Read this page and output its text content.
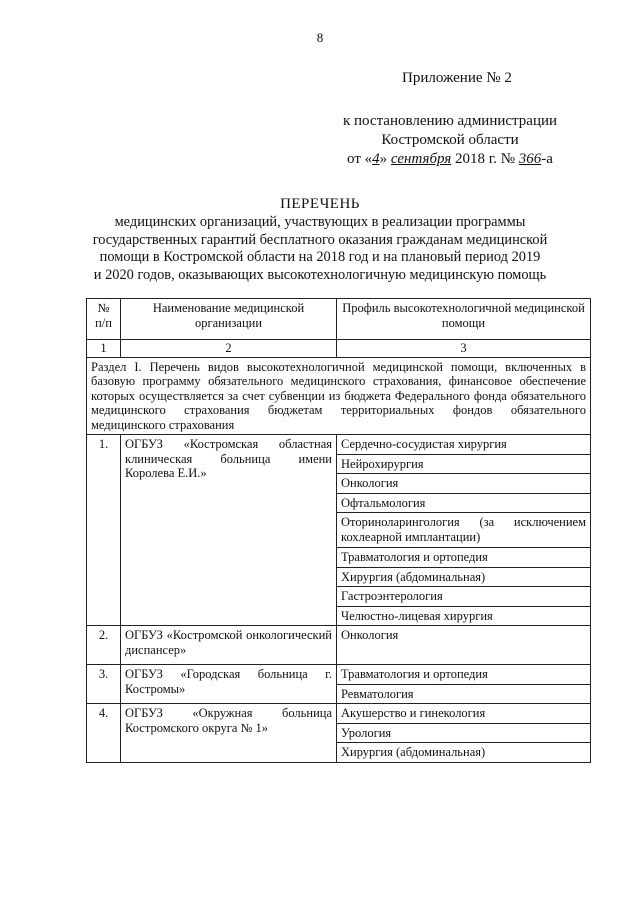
8
Приложение № 2
к постановлению администрации
Костромской области
от «4» сентября 2018 г. № 366-а
ПЕРЕЧЕНЬ
медицинских организаций, участвующих в реализации программы
государственных гарантий бесплатного оказания гражданам медицинской
помощи в Костромской области на 2018 год и на плановый период 2019
и 2020 годов, оказывающих высокотехнологичную медицинскую помощь
№ п/п	Наименование медицинской организации	Профиль высокотехнологичной медицинской помощи
1	2	3
Раздел I. Перечень видов высокотехнологичной медицинской помощи, включенных в базовую программу обязательного медицинского страхования, финансовое обеспечение которых осуществляется за счет субвенции из бюджета Федерального фонда обязательного медицинского страхования бюджетам территориальных фондов обязательного медицинского страхования		
1.	ОГБУЗ «Костромская областная клиническая больница имени Королева Е.И.»	Сердечно-сосудистая хирургия
		Нейрохирургия
		Онкология
		Офтальмология
		Оториноларингология (за исключением кохлеарной имплантации)
		Травматология и ортопедия
		Хирургия (абдоминальная)
		Гастроэнтерология
		Челюстно-лицевая хирургия
2.	ОГБУЗ «Костромской онкологический диспансер»	Онкология
3.	ОГБУЗ «Городская больница г. Костромы»	Травматология и ортопедия
		Ревматология
4.	ОГБУЗ «Окружная больница Костромского округа № 1»	Акушерство и гинекология
		Урология
		Хирургия (абдоминальная)
